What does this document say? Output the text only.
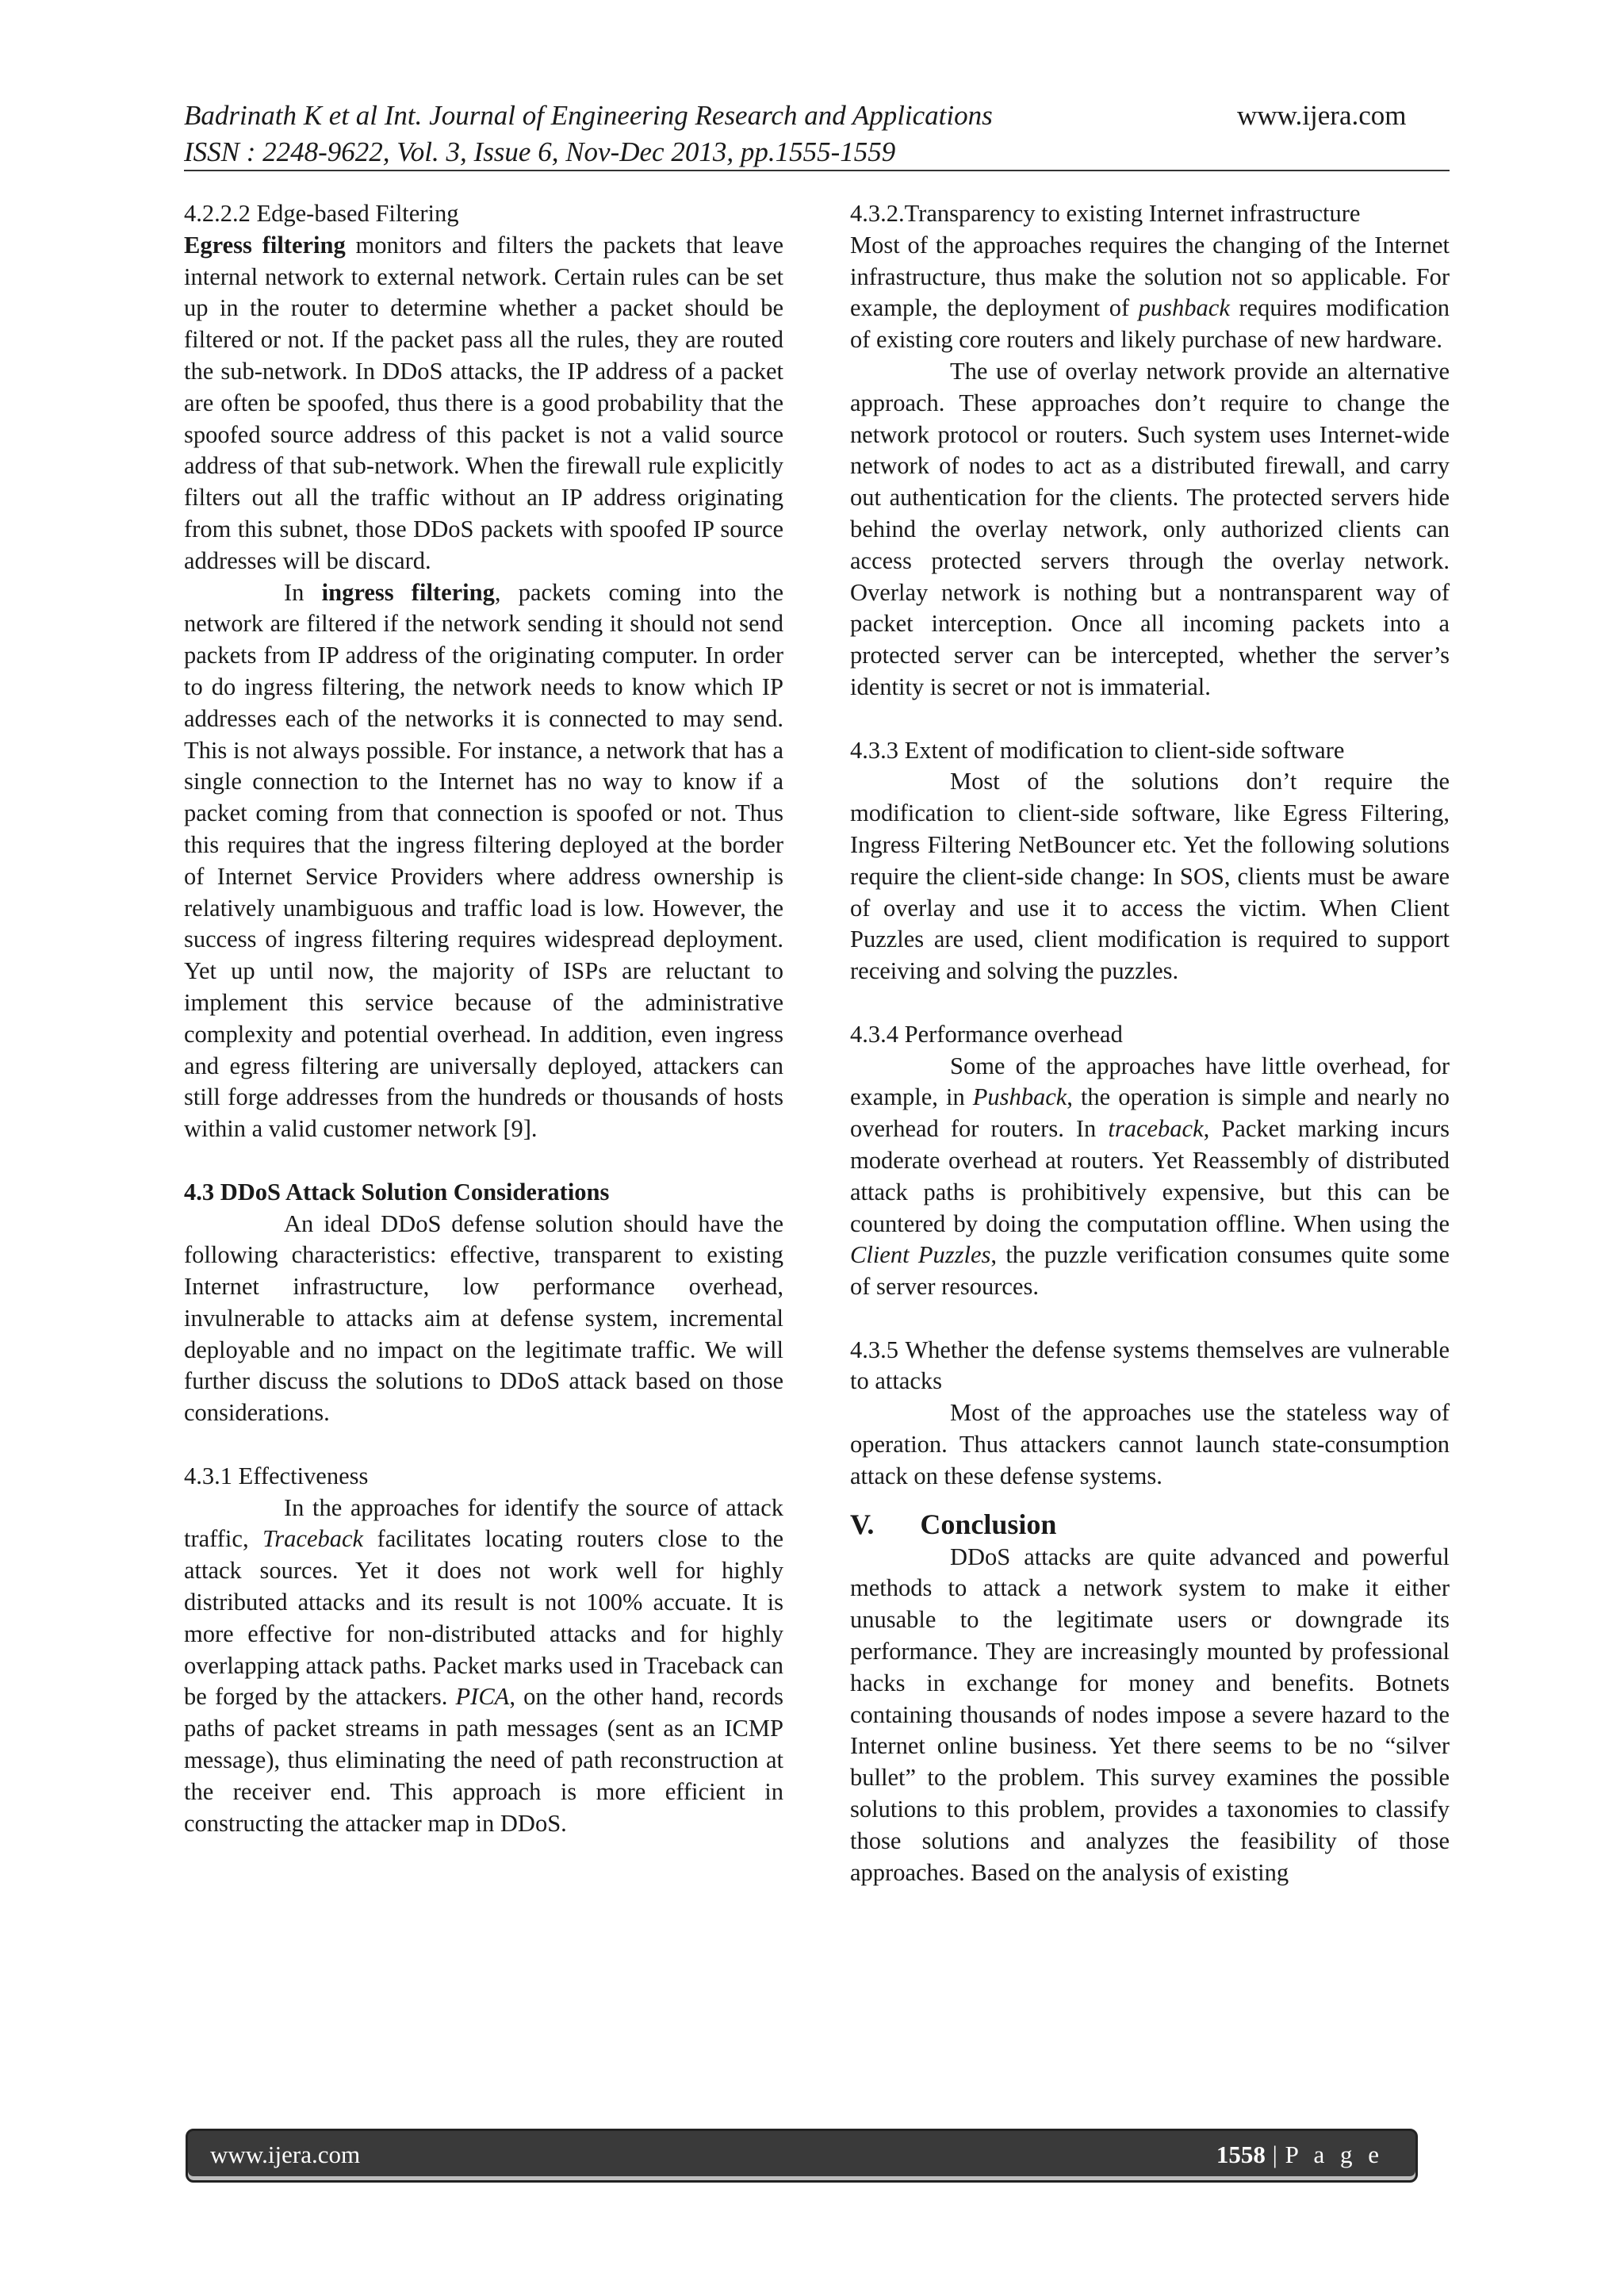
Badrinath K et al Int. Journal of Engineering Research and Applications	www.ijera.com
ISSN : 2248-9622, Vol. 3, Issue 6, Nov-Dec 2013, pp.1555-1559

4.2.2.2 Edge-based Filtering

Egress filtering monitors and filters the packets that leave internal network to external network. Certain rules can be set up in the router to determine whether a packet should be filtered or not. If the packet pass all the rules, they are routed the sub-network. In DDoS attacks, the IP address of a packet are often be spoofed, thus there is a good probability that the spoofed source address of this packet is not a valid source address of that sub-network. When the firewall rule explicitly filters out all the traffic without an IP address originating from this subnet, those DDoS packets with spoofed IP source addresses will be discard.

In ingress filtering, packets coming into the network are filtered if the network sending it should not send packets from IP address of the originating computer. In order to do ingress filtering, the network needs to know which IP addresses each of the networks it is connected to may send. This is not always possible. For instance, a network that has a single connection to the Internet has no way to know if a packet coming from that connection is spoofed or not. Thus this requires that the ingress filtering deployed at the border of Internet Service Providers where address ownership is relatively unambiguous and traffic load is low. However, the success of ingress filtering requires widespread deployment. Yet up until now, the majority of ISPs are reluctant to implement this service because of the administrative complexity and potential overhead. In addition, even ingress and egress filtering are universally deployed, attackers can still forge addresses from the hundreds or thousands of hosts within a valid customer network [9].

4.3 DDoS Attack Solution Considerations

An ideal DDoS defense solution should have the following characteristics: effective, transparent to existing Internet infrastructure, low performance overhead, invulnerable to attacks aim at defense system, incremental deployable and no impact on the legitimate traffic. We will further discuss the solutions to DDoS attack based on those considerations.

4.3.1 Effectiveness

In the approaches for identify the source of attack traffic, Traceback facilitates locating routers close to the attack sources. Yet it does not work well for highly distributed attacks and its result is not 100% accuate. It is more effective for non-distributed attacks and for highly overlapping attack paths. Packet marks used in Traceback can be forged by the attackers. PICA, on the other hand, records paths of packet streams in path messages (sent as an ICMP message), thus eliminating the need of path reconstruction at the receiver end. This approach is more efficient in constructing the attacker map in DDoS.

4.3.2.Transparency to existing Internet infrastructure

Most of the approaches requires the changing of the Internet infrastructure, thus make the solution not so applicable. For example, the deployment of pushback requires modification of existing core routers and likely purchase of new hardware.

The use of overlay network provide an alternative approach. These approaches don’t require to change the network protocol or routers. Such system uses Internet-wide network of nodes to act as a distributed firewall, and carry out authentication for the clients. The protected servers hide behind the overlay network, only authorized clients can access protected servers through the overlay network. Overlay network is nothing but a nontransparent way of packet interception. Once all incoming packets into a protected server can be intercepted, whether the server’s identity is secret or not is immaterial.

4.3.3 Extent of modification to client-side software

Most of the solutions don’t require the modification to client-side software, like Egress Filtering, Ingress Filtering NetBouncer etc. Yet the following solutions require the client-side change: In SOS, clients must be aware of overlay and use it to access the victim. When Client Puzzles are used, client modification is required to support receiving and solving the puzzles.

4.3.4 Performance overhead

Some of the approaches have little overhead, for example, in Pushback, the operation is simple and nearly no overhead for routers. In traceback, Packet marking incurs moderate overhead at routers. Yet Reassembly of distributed attack paths is prohibitively expensive, but this can be countered by doing the computation offline. When using the Client Puzzles, the puzzle verification consumes quite some of server resources.

4.3.5 Whether the defense systems themselves are vulnerable to attacks

Most of the approaches use the stateless way of operation. Thus attackers cannot launch state-consumption attack on these defense systems.

V. Conclusion

DDoS attacks are quite advanced and powerful methods to attack a network system to make it either unusable to the legitimate users or downgrade its performance. They are increasingly mounted by professional hacks in exchange for money and benefits. Botnets containing thousands of nodes impose a severe hazard to the Internet online business. Yet there seems to be no “silver bullet” to the problem. This survey examines the possible solutions to this problem, provides a taxonomies to classify those solutions and analyzes the feasibility of those approaches. Based on the analysis of existing

www.ijera.com	1558 | P a g e
